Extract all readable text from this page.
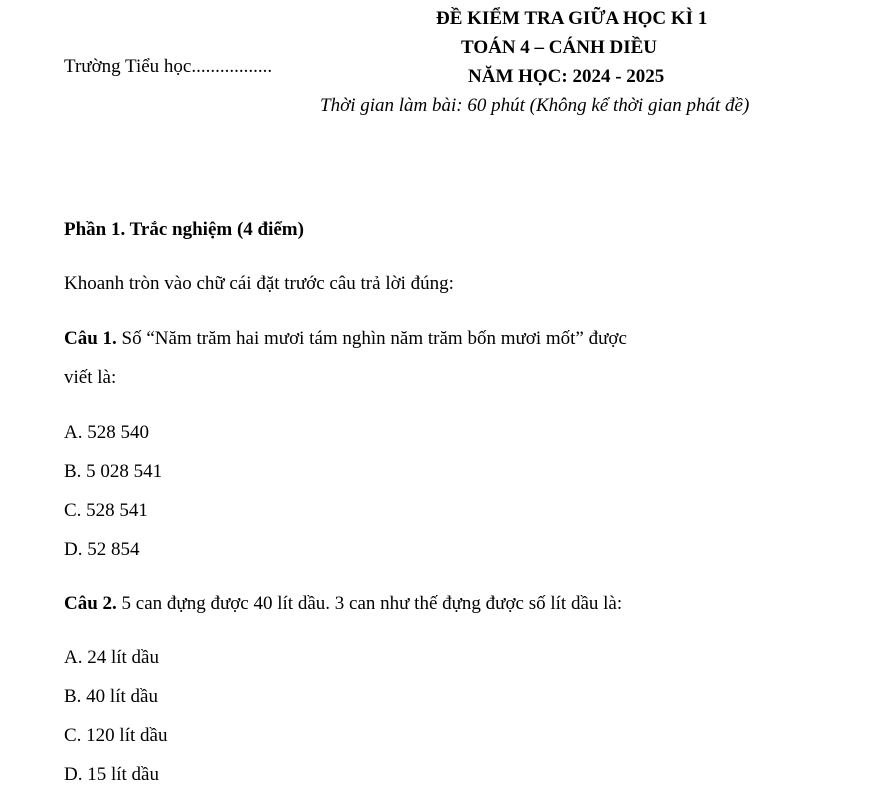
ĐỀ KIỂM TRA GIỮA HỌC KÌ 1
TOÁN 4 – CÁNH DIỀU
NĂM HỌC: 2024 - 2025
Trường Tiểu học.................
Thời gian làm bài: 60 phút (Không kể thời gian phát đề)
Phần 1. Trắc nghiệm (4 điểm)
Khoanh tròn vào chữ cái đặt trước câu trả lời đúng:
Câu 1. Số “Năm trăm hai mươi tám nghìn năm trăm bốn mươi mốt” được
viết là:
A. 528 540
B. 5 028 541
C. 528 541
D. 52 854
Câu 2. 5 can đựng được 40 lít dầu. 3 can như thế đựng được số lít dầu là:
A. 24 lít dầu
B. 40 lít dầu
C. 120 lít dầu
D. 15 lít dầu
